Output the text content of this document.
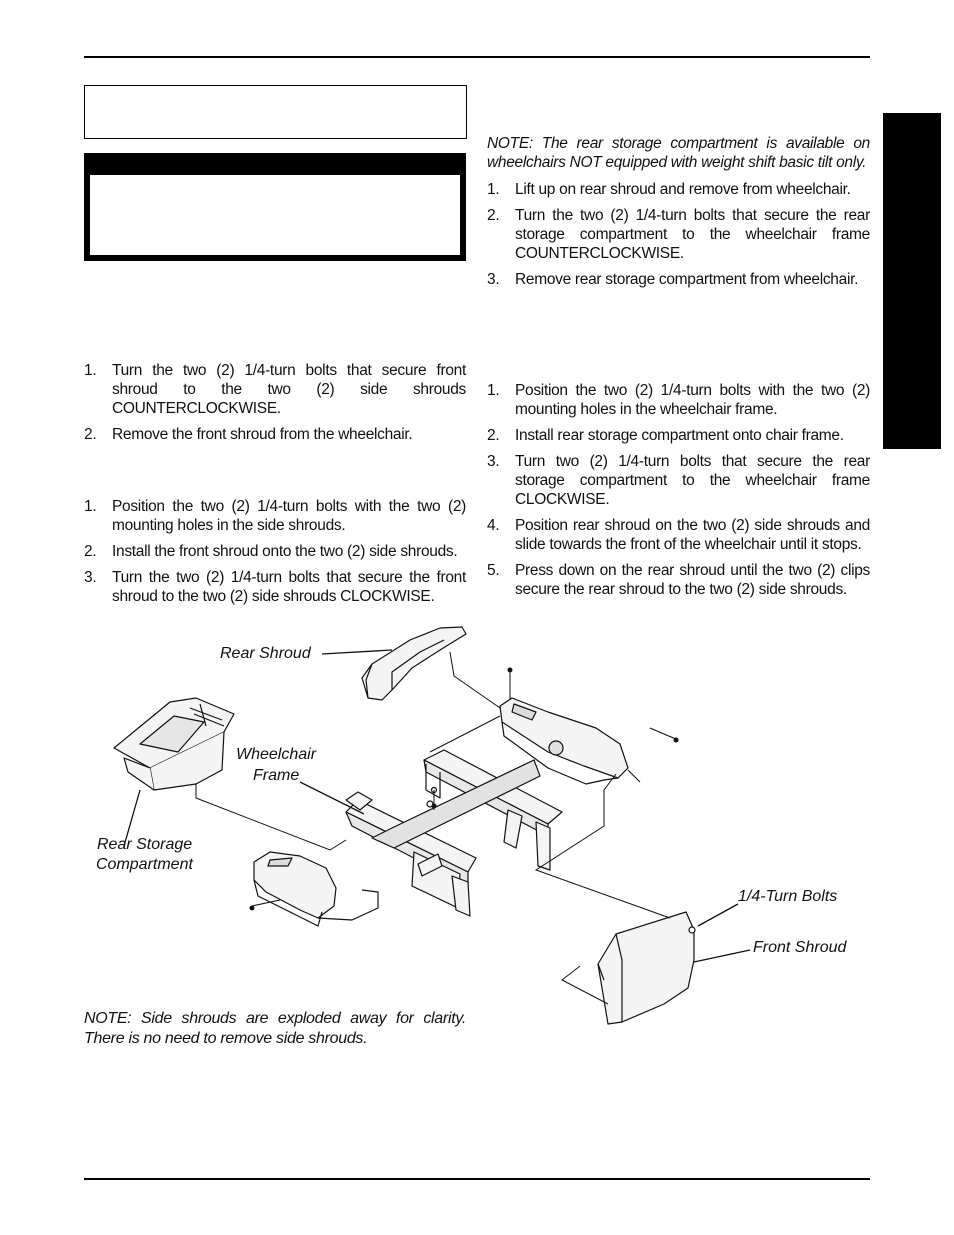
1. Turn the two (2) 1/4-turn bolts that secure front shroud to the two (2) side shrouds COUNTERCLOCKWISE.
2. Remove the front shroud from the wheelchair.
1. Position the two (2) 1/4-turn bolts with the two (2) mounting holes in the side shrouds.
2. Install the front shroud onto the two (2) side shrouds.
3. Turn the two (2) 1/4-turn bolts that secure the front shroud to the two (2) side shrouds CLOCKWISE.
NOTE: The rear storage compartment is available on wheelchairs NOT equipped with weight shift basic tilt only.
1. Lift up on rear shroud and remove from wheelchair.
2. Turn the two (2) 1/4-turn bolts that secure the rear storage compartment to the wheelchair frame COUNTERCLOCKWISE.
3. Remove rear storage compartment from wheelchair.
1. Position the two (2) 1/4-turn bolts with the two (2) mounting holes in the wheelchair frame.
2. Install rear storage compartment onto chair frame.
3. Turn two (2) 1/4-turn bolts that secure the rear storage compartment to the wheelchair frame CLOCKWISE.
4. Position rear shroud on the two (2) side shrouds and slide towards the front of the wheelchair until it stops.
5. Press down on the rear shroud until the two (2) clips secure the rear shroud to the two (2) side shrouds.
Rear Shroud
Wheelchair
Frame
Rear Storage
Compartment
1/4-Turn Bolts
Front Shroud
NOTE: Side shrouds are exploded away for clarity. There is no need to remove side shrouds.
